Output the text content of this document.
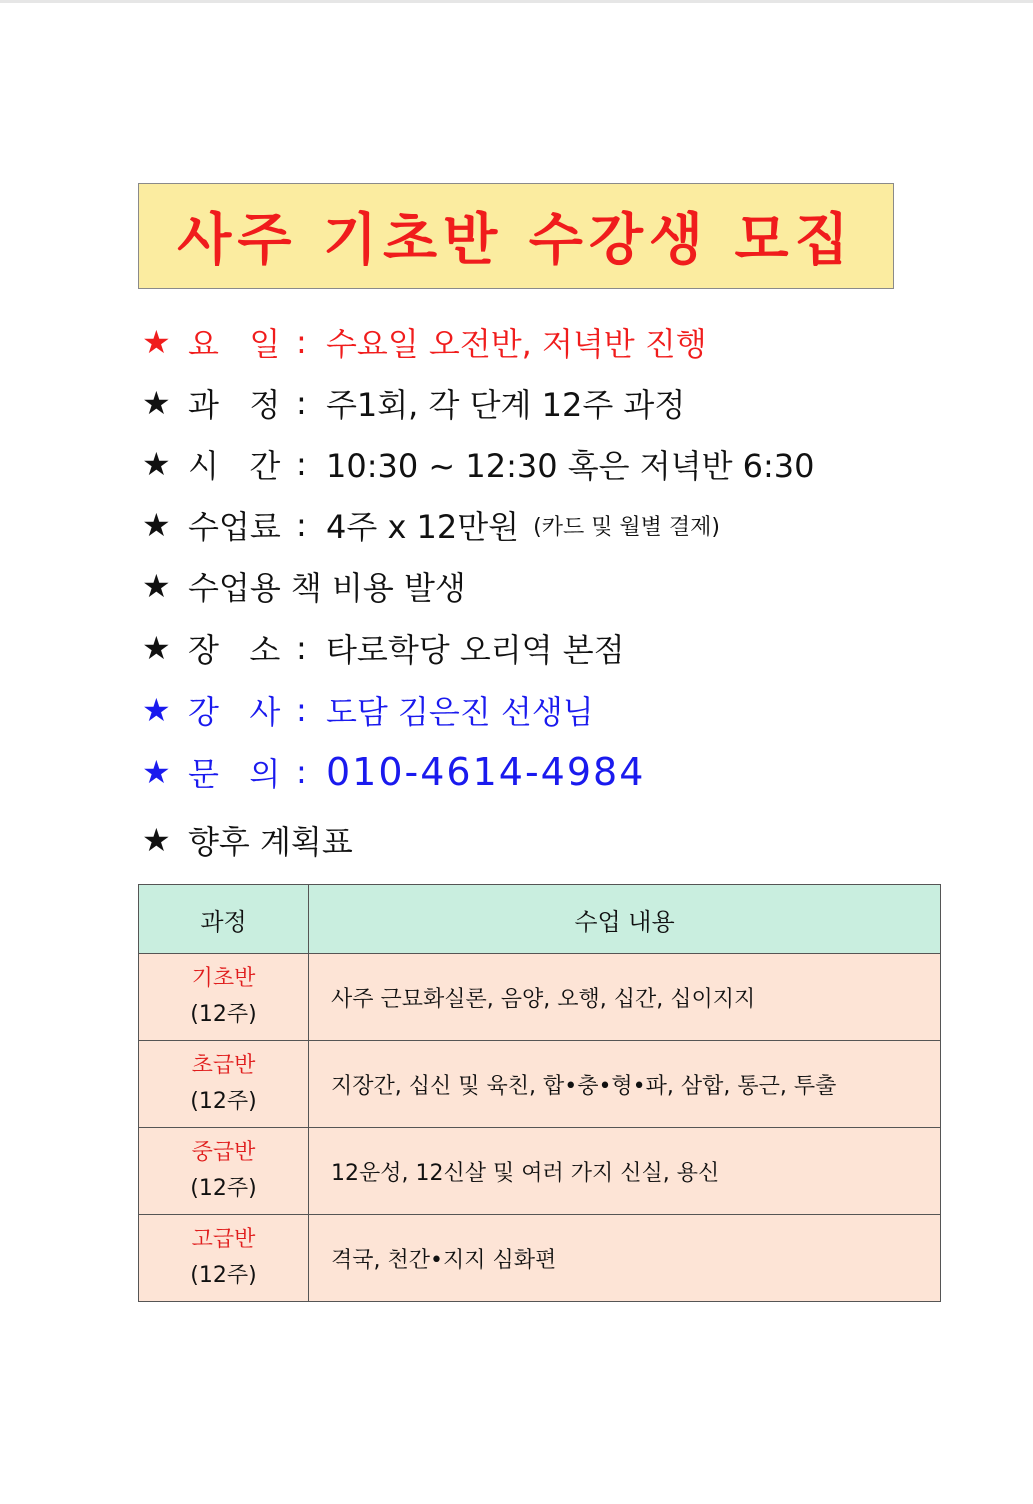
사주 기초반 수강생 모집
★ 요   일 : 수요일 오전반, 저녁반 진행
★ 과   정 : 주1회, 각 단계 12주 과정
★ 시   간 : 10:30 ~ 12:30 혹은 저녁반 6:30
★ 수업료 : 4주 x 12만원 (카드 및 월별 결제)
★ 수업용 책 비용 발생
★ 장   소 : 타로학당 오리역 본점
★ 강   사 : 도담 김은진 선생님
★ 문   의 : 010-4614-4984
★ 향후 계획표
과정	수업 내용

기초반
(12주)	사주 근묘화실론, 음양, 오행, 십간, 십이지지

초급반
(12주)	지장간, 십신 및 육친, 합•충•형•파, 삼합, 통근, 투출

중급반
(12주)	12운성, 12신살 및 여러 가지 신실, 용신

고급반
(12주)	격국, 천간•지지 심화편
